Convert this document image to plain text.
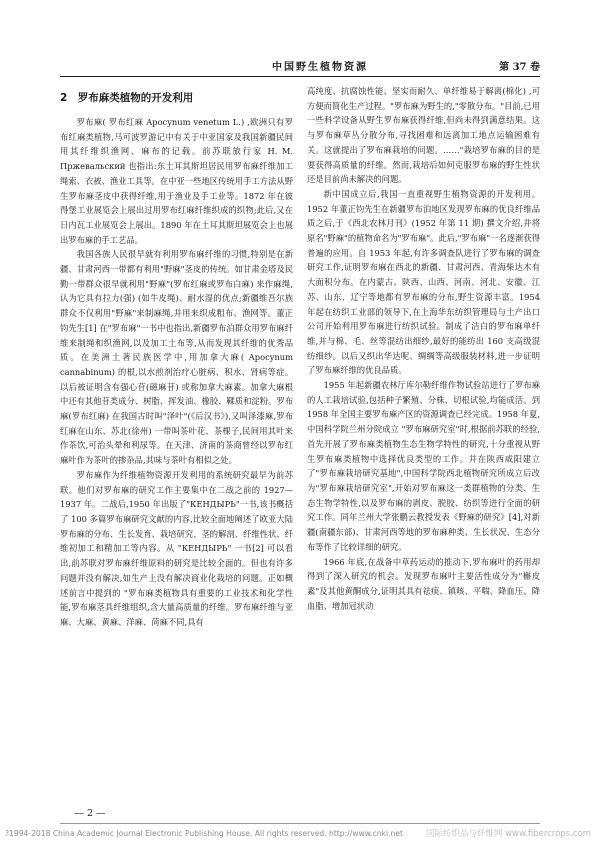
中国野生植物资源	第 37 卷
2　罗布麻类植物的开发利用

罗布麻( 罗布红麻 Apocynum venetum L.) ,欧洲只有罗布红麻类植物,马可波罗游记中有关于中亚国家及我国新疆民间用其纤维织渔网、麻布的记载。前苏联旅行家 H. M. Пржевальский 也指出:东土耳其斯坦居民用罗布麻纤维加工绳索、衣被、渔业工具等。在中亚一些地区传统用手工方法从野生罗布麻茎皮中获得纤维,用于渔业及手工业等。1872 年在彼得堡工业展览会上展出过用罗布红麻纤维织成的织物;此后,又在日内瓦工业展览会上展出。1890 年在土耳其斯坦展览会上也展出罗布麻的手工艺品。

我国各族人民很早就有利用罗布麻纤维的习惯,特别是在新疆、甘肃河西一带都有利用"野麻"茎皮的传统。如甘肃金塔及民勤一带群众很早就利用"野麻"(罗布红麻或罗布白麻) 来作麻绳,认为它具有拉力(强) (如牛皮绳)、耐水湿的优点;新疆维吾尔族群众不仅利用"野麻"来制麻绳,并用来织成粗布、渔网等。董正钧先生[1] 在"罗布麻"一书中也指出,新疆罗布泊群众用罗布麻纤维来制绳和织渔网,以及加工土布等,从而发现其纤维的优秀品质。在美洲土著民族医学中,用加拿大麻( Apocynum cannabinum) 的根,以水煎剂治疗心脏病、积水、肾病等症。以后被证明含有强心苷(磁麻苷) 或称加拿大麻素。加拿大麻根中还有其他苷类成分、树脂、挥发油、橡胶、鞣质和淀粉。罗布麻(罗布红麻) 在我国古时叫"泽叶"(《后汉书》),又叫泽漆麻,罗布红麻在山东、苏北(徐州) 一带叫茶叶花、茶棵子,民间用其叶来作茶饮,可治头晕和利尿等。在天津、济南的茶商曾经以罗布红麻叶作为茶叶的掺杂品,其味与茶叶有相似之处。

罗布麻作为纤维植物资源开发利用的系统研究最早为前苏联。他们对罗布麻的研究工作主要集中在二战之前的 1927—1937 年。二战后,1950 年出版了"КЕНДЫРЬ"一书,该书概括了 100 多篇罗布麻研究文献的内容,比较全面地阐述了欧亚大陆罗布麻的分布、生长发育、栽培研究、茎的解剖、纤维性状、纤维初加工和精加工等内容。从 "КЕНДЫРЬ" 一书[2] 可以看出,前苏联对罗布麻纤维原料的研究是比较全面的。但也有许多问题并没有解决,如生产上没有解决商业化栽培的问题。正如概述前言中提到的 "罗布麻类植物具有重要的工业技术和化学性能,罗布麻茎具纤维组织,含大量高质量的纤维。罗布麻纤维与亚麻、大麻、黄麻、洋麻、苘麻不同,具有

高纯度、抗腐蚀性能、坚实而耐久、单纤维易于解离(棉化) ,可方便而简化生产过程。"罗布麻为野生的,"零散分布。"目前,已用一些科学设备从野生罗布麻获得纤维,但尚未得到满意结果。这与罗布麻草丛分散分布,寻找困难和远离加工地点运输困难有关。这就提出了罗布麻栽培的问题。……"栽培罗布麻的目的是要获得高质量的纤维。然而,栽培后如何克服罗布麻的野生性状还是目前尚未解决的问题。

新中国成立后,我国一直重视野生植物资源的开发利用。1952 年董正钧先生在新疆罗布泊地区发现罗布麻的优良纤维品质之后,于《西北农林月刊》(1952 年第 11 期) 撰文介绍,并将原名"野麻"的植物命名为"罗布麻"。此后,"罗布麻"一名逐渐获得普遍的应用。自 1953 年起,有许多调查队进行了罗布麻的调查研究工作,证明罗布麻在西北的新疆、甘肃河西、青海柴达木有大面积分布。在内蒙古、陕西、山西、河南、河北、安徽、江苏、山东、辽宁等地都有罗布麻的分布,野生资源丰富。1954 年起在纺织工业部的领导下,在上海华东纺织管理局与土产出口公司开始利用罗布麻进行纺织试验。制成了洁白的罗布麻单纤维,并与棉、毛、丝等混纺出细纱,最好的能纺出 160 支高级混纺细纱。以后又织出华达呢、绸绸等高级服装材料,进一步证明了罗布麻纤维的优良品质。

1955 年起新疆农林厅库尔勒纤维作物试验站进行了罗布麻的人工栽培试验,包括种子繁殖、分株、切根试验,均能成活。到 1958 年全国主要罗布麻产区的资源调查已经完成。1958 年夏,中国科学院兰州分院成立 "罗布麻研究室"时,根据前苏联的经验,首先开展了罗布麻类植物生态生物学特性的研究,十分重视从野生罗布麻类植物中选择优良类型的工作。并在陕西咸阳建立了"罗布麻栽培研究基地",中国科学院西北植物研究所成立后改为"罗布麻栽培研究室",开始对罗布麻这一类群植物的分类、生态生物学特性,以及罗布麻的剥皮、脱胶、纺织等进行全面的研究工作。同年兰州大学张鹏云教授发表《野麻的研究》[4],对新疆(南疆东部)、甘肃河西等地的罗布麻种类、生长状况、生态分布等作了比较详细的研究。

1966 年底,在战备中草药运动的推动下,罗布麻叶的药用却得到了深入研究的机会。发现罗布麻叶主要活性成分为"槲皮素"及其他黄酮成分,证明其具有祛痰、镇咳、平喘、降血压、降血脂、增加冠状动

— 2 —
?1994-2018 China Academic Journal Electronic Publishing House. All rights reserved. http://www.cnki.net	国际纺织品与纤维网 www.fibercrops.com
